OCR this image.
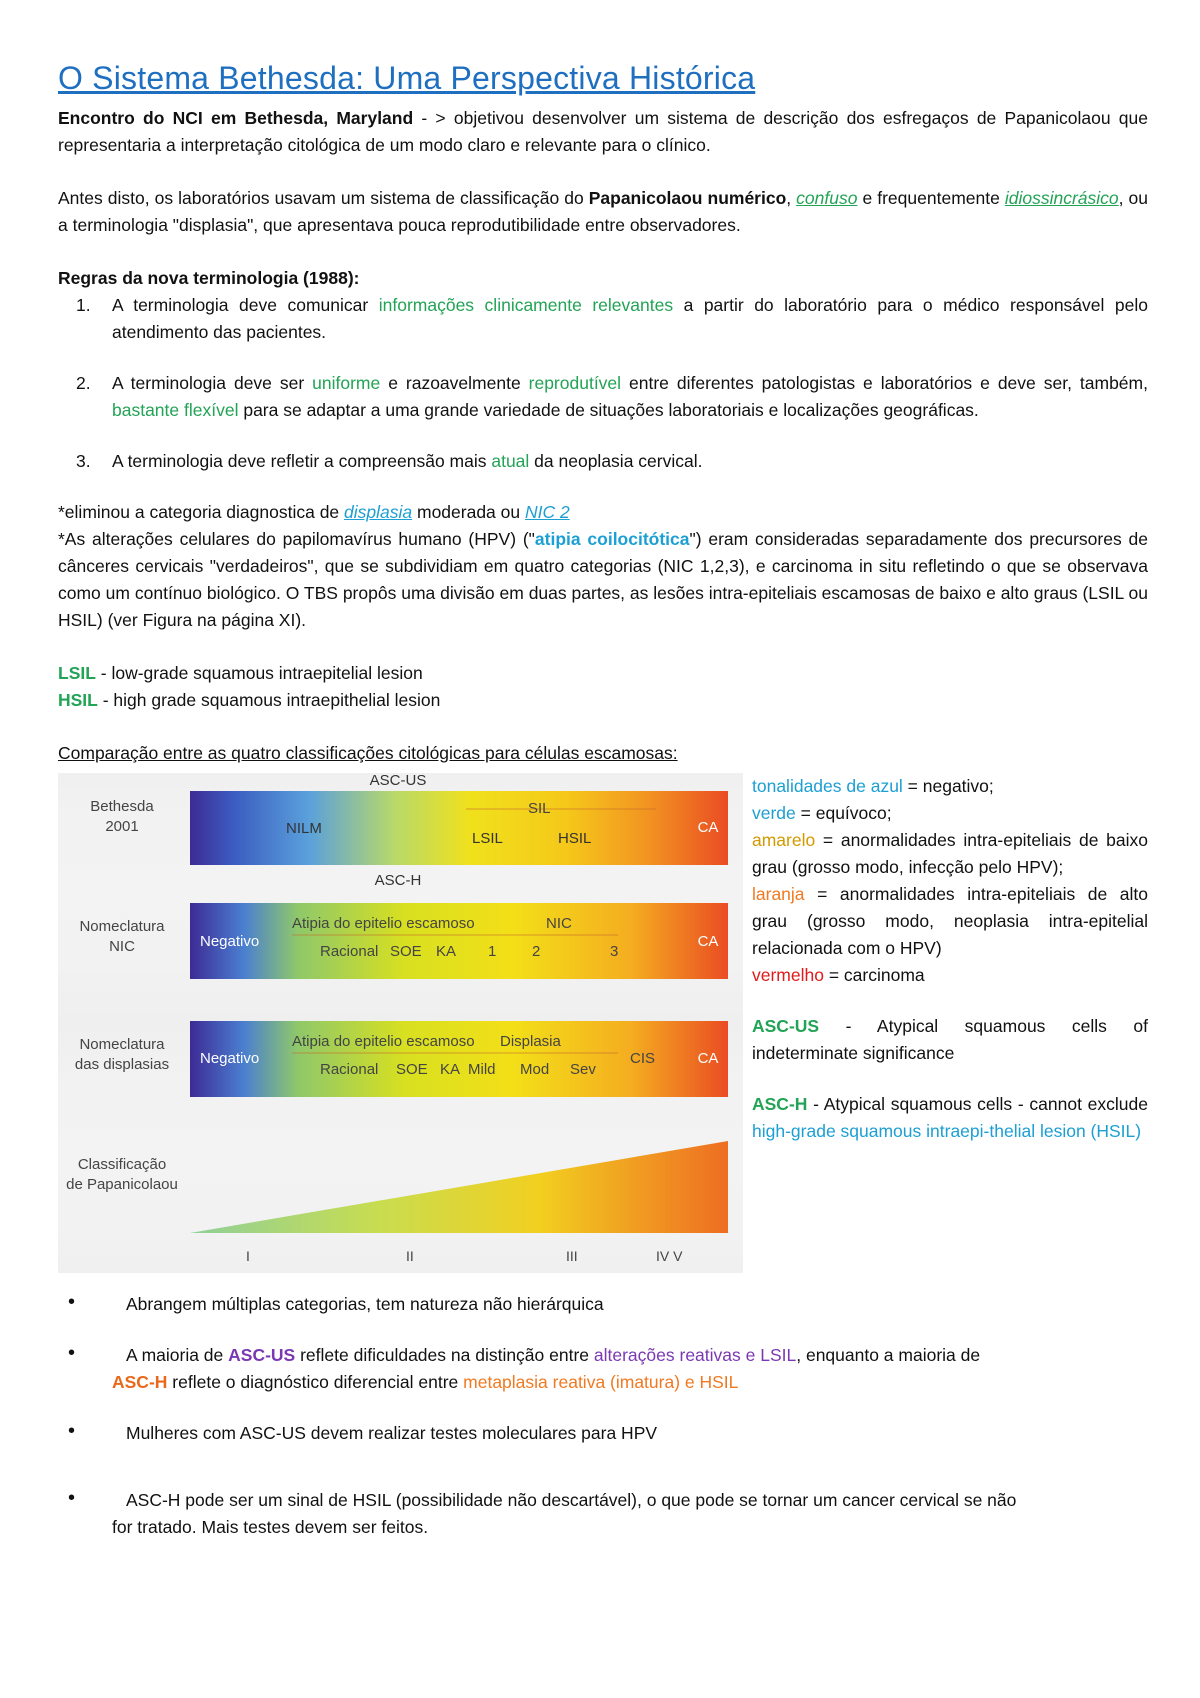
O Sistema Bethesda: Uma Perspectiva Histórica

Encontro do NCI em Bethesda, Maryland - > objetivou desenvolver um sistema de descrição dos esfregaços de Papanicolaou que representaria a interpretação citológica de um modo claro e relevante para o clínico.

Antes disto, os laboratórios usavam um sistema de classificação do Papanicolaou numérico, confuso e frequentemente idiossincrásico, ou a terminologia "displasia", que apresentava pouca reprodutibilidade entre observadores.

Regras da nova terminologia (1988):

1. A terminologia deve comunicar informações clinicamente relevantes a partir do laboratório para o médico responsável pelo atendimento das pacientes.
2. A terminologia deve ser uniforme e razoavelmente reprodutível entre diferentes patologistas e laboratórios e deve ser, também, bastante flexível para se adaptar a uma grande variedade de situações laboratoriais e localizações geográficas.
3. A terminologia deve refletir a compreensão mais atual da neoplasia cervical.

*eliminou a categoria diagnostica de displasia moderada ou NIC 2

*As alterações celulares do papilomavírus humano (HPV) ("atipia coilocitótica") eram consideradas separadamente dos precursores de cânceres cervicais "verdadeiros", que se subdividiam em quatro categorias (NIC 1,2,3), e carcinoma in situ refletindo o que se observava como um contínuo biológico. O TBS propôs uma divisão em duas partes, as lesões intra-epiteliais escamosas de baixo e alto graus (LSIL ou HSIL) (ver Figura na página XI).

LSIL - low-grade squamous intraepitelial lesion

HSIL - high grade squamous intraepithelial lesion

Comparação entre as quatro classificações citológicas para células escamosas:

Bethesda
2001
ASC-US
NILM
SIL
LSIL	HSIL
CA
ASC-H
Nomeclatura
NIC	Negativo
Atipia do epitelio escamoso	NIC
Racional SOE KA 1 2	3
CA
Nomeclatura
das displasias Negativo
Atipia do epitelio escamoso Displasia
Racional SOE KA Mild Mod Sev
CIS	CA
Classificação
de Papanicolaou
I	II	III	IV V
tonalidades de azul = negativo;
verde = equívoco;
amarelo = anormalidades intra-epiteliais de baixo grau (grosso modo, infecção pelo HPV);
laranja = anormalidades intra-epiteliais de alto grau (grosso modo, neoplasia intra-epitelial relacionada com o HPV)
vermelho = carcinoma
ASC-US - Atypical squamous cells of indeterminate significance
ASC-H - Atypical squamous cells - cannot exclude high-grade squamous intraepi-thelial lesion (HSIL)
•	Abrangem múltiplas categorias, tem natureza não hierárquica
•	A maioria de ASC-US reflete dificuldades na distinção entre alterações reativas e LSIL, enquanto a maioria de
ASC-H reflete o diagnóstico diferencial entre metaplasia reativa (imatura) e HSIL
•	Mulheres com ASC-US devem realizar testes moleculares para HPV
•	ASC-H pode ser um sinal de HSIL (possibilidade não descartável), o que pode se tornar um cancer cervical se não
for tratado. Mais testes devem ser feitos.
